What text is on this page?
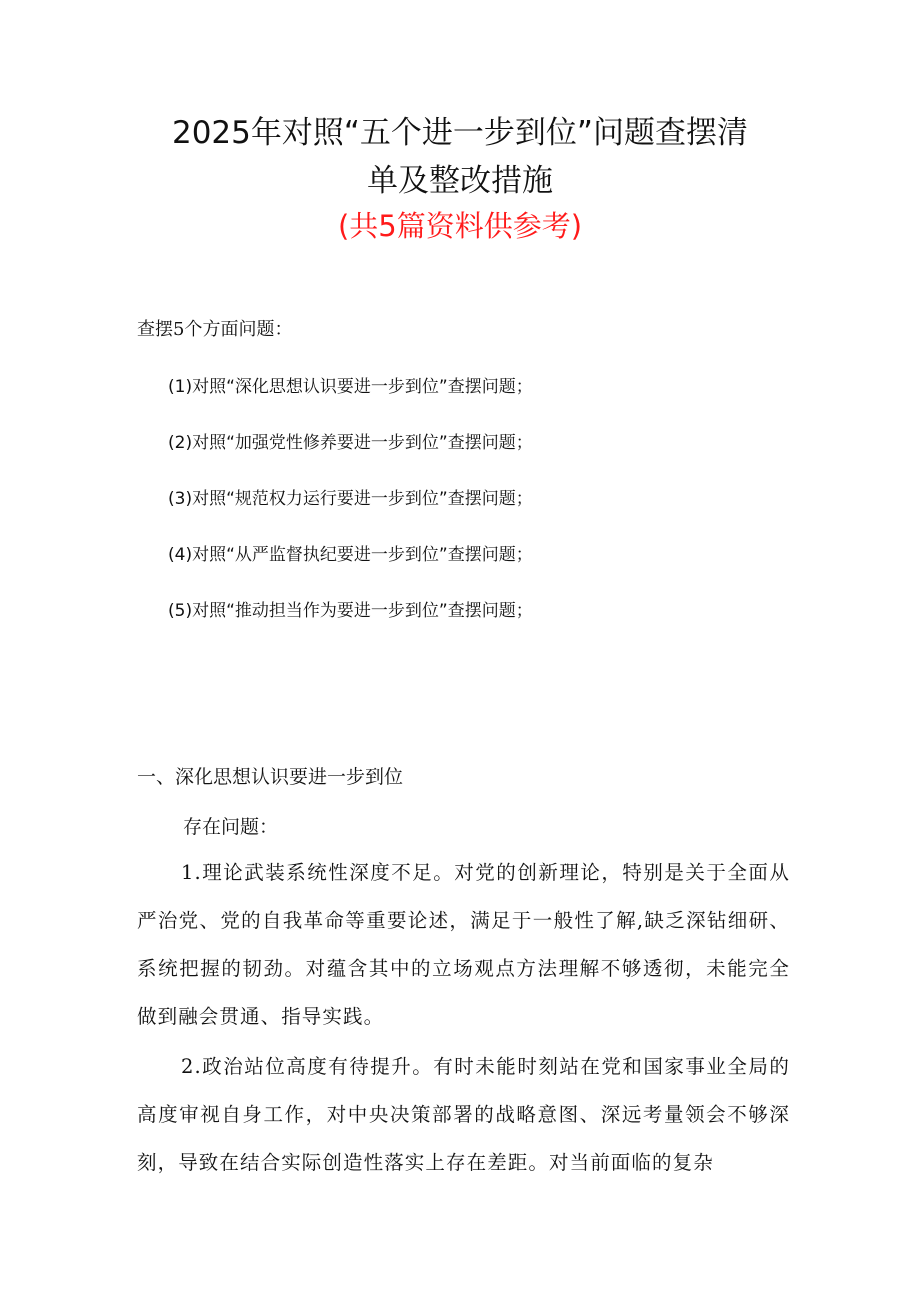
2025年对照“五个进一步到位”问题查摆清
单及整改措施
(共5篇资料供参考)
查摆5个方面问题：
(1)对照“深化思想认识要进一步到位”查摆问题；
(2)对照“加强党性修养要进一步到位”查摆问题；
(3)对照“规范权力运行要进一步到位”查摆问题；
(4)对照“从严监督执纪要进一步到位”查摆问题；
(5)对照“推动担当作为要进一步到位”查摆问题；
一、深化思想认识要进一步到位
存在问题：

1.理论武装系统性深度不足。对党的创新理论，特别是关于全面从严治党、党的自我革命等重要论述，满足于一般性了解,缺乏深钻细研、系统把握的韧劲。对蕴含其中的立场观点方法理解不够透彻，未能完全做到融会贯通、指导实践。

2.政治站位高度有待提升。有时未能时刻站在党和国家事业全局的高度审视自身工作，对中央决策部署的战略意图、深远考量领会不够深刻，导致在结合实际创造性落实上存在差距。对当前面临的复杂
